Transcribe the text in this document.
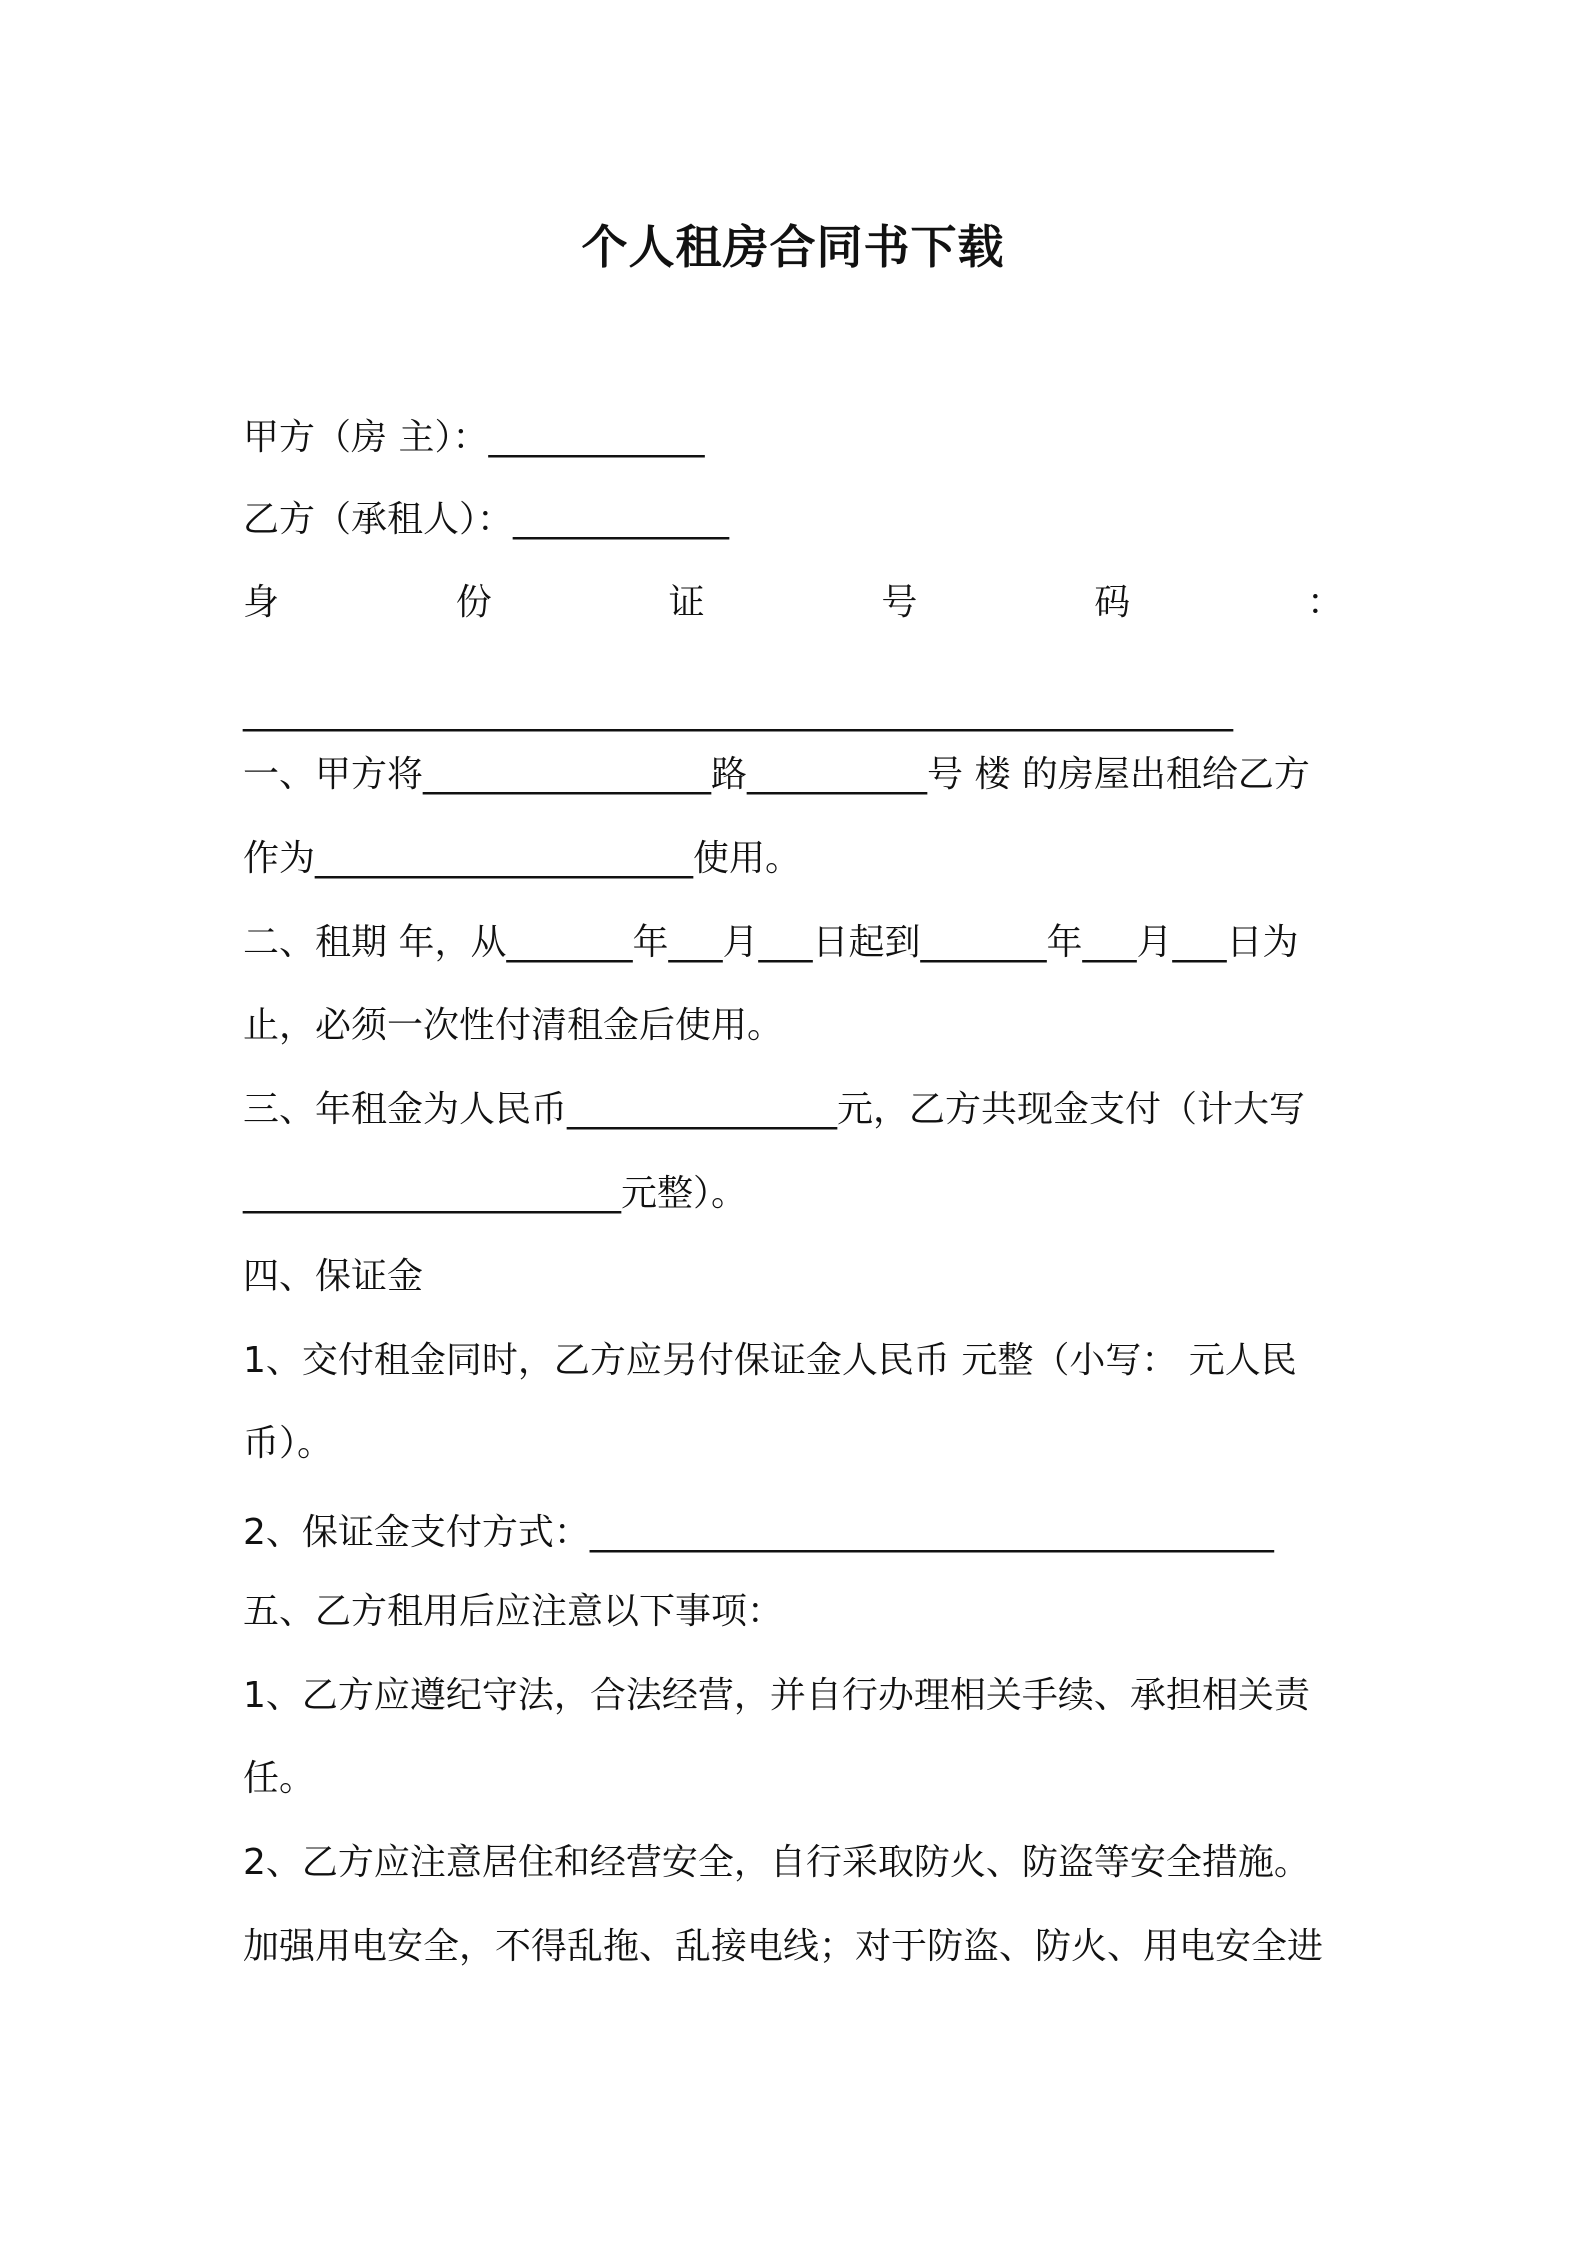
个人租房合同书下载
甲方（房 主）：____________
乙方（承租人）：____________
身	份	证	号	码	：
_______________________________________________________
一、甲方将________________路__________号 楼 的房屋出租给乙方
作为_____________________使用。
二、租期 年，从_______年___月___日起到_______年___月___日为
止，必须一次性付清租金后使用。
三、年租金为人民币_______________元，乙方共现金支付（计大写
_____________________元整）。
四、保证金
1、交付租金同时，乙方应另付保证金人民币 元整（小写： 元人民
币）。
2、保证金支付方式：______________________________________
五、乙方租用后应注意以下事项：
1、乙方应遵纪守法，合法经营，并自行办理相关手续、承担相关责
任。
2、乙方应注意居住和经营安全，自行采取防火、防盗等安全措施。
加强用电安全，不得乱拖、乱接电线；对于防盗、防火、用电安全进
